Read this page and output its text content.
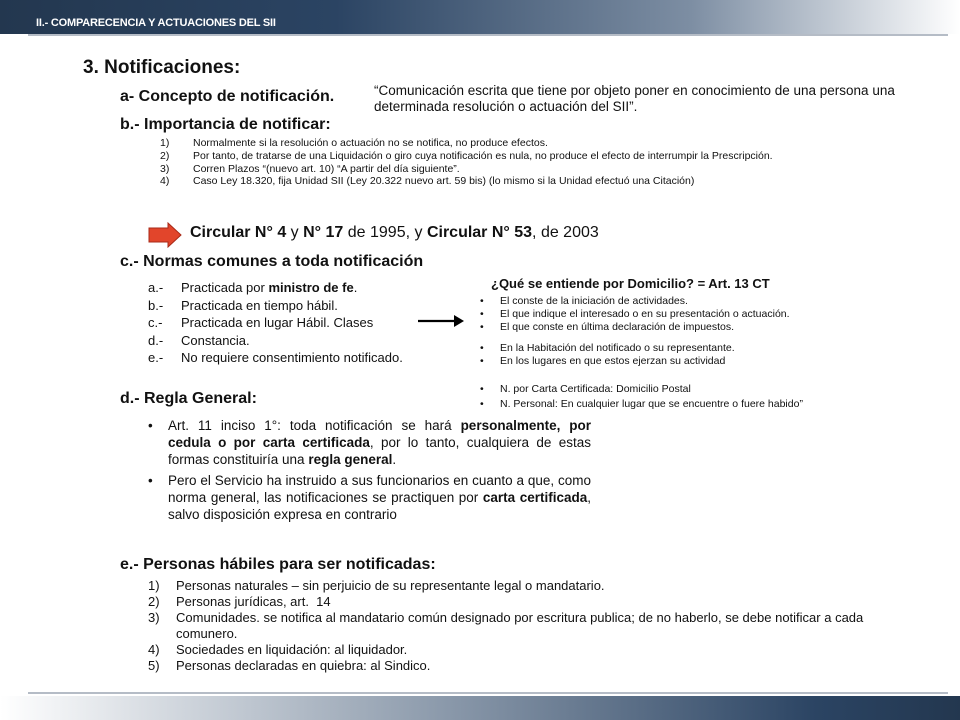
II.- COMPARECENCIA Y ACTUACIONES DEL SII
3. Notificaciones:
a- Concepto de notificación.	“Comunicación escrita que tiene por objeto poner en conocimiento de una persona una determinada resolución o actuación del SII”.
b.- Importancia de notificar:
1)	Normalmente si la resolución o actuación no se notifica, no produce efectos.
2)	Por tanto, de tratarse de una Liquidación o giro cuya notificación es nula, no produce el efecto de interrumpir la Prescripción.
3)	Corren Plazos “(nuevo art. 10) “A partir del día siguiente”.
4)	Caso Ley 18.320, fija Unidad SII (Ley 20.322 nuevo art. 59 bis) (lo mismo si la Unidad efectuó una Citación)
Circular N° 4 y N° 17 de 1995, y Circular N° 53, de 2003
c.- Normas comunes a toda notificación
a.-	Practicada por ministro de fe.
b.-	Practicada en tiempo hábil.
c.-	Practicada en lugar Hábil. Clases
d.-	Constancia.
e.-	No requiere consentimiento notificado.
¿Qué se entiende por Domicilio? = Art. 13 CT
•	El conste de la iniciación de actividades.
•	El que indique el interesado o en su presentación o actuación.
•	El que conste en última declaración de impuestos.
•	En la Habitación del notificado o su representante.
•	En los lugares en que estos ejerzan su actividad
•	N. por Carta Certificada: Domicilio Postal
•	N. Personal: En cualquier lugar que se encuentre o fuere habido”
d.- Regla General:
•	Art. 11 inciso 1°: toda notificación se hará personalmente, por cedula o por carta certificada, por lo tanto, cualquiera de estas formas constituiría una regla general.
•	Pero el Servicio ha instruido a sus funcionarios en cuanto a que, como norma general, las notificaciones se practiquen por carta certificada, salvo disposición expresa en contrario
e.- Personas hábiles para ser notificadas:
1)	Personas naturales – sin perjuicio de su representante legal o mandatario.
2)	Personas jurídicas, art.  14
3)	Comunidades. se notifica al mandatario común designado por escritura publica; de no haberlo, se debe notificar a cada comunero.
4)	Sociedades en liquidación: al liquidador.
5)	Personas declaradas en quiebra: al Sindico.
